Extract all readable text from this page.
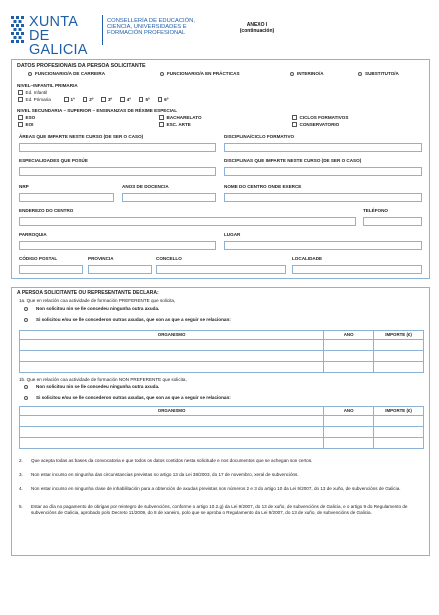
XUNTA
DE GALICIA
CONSELLERÍA DE EDUCACIÓN,
CIENCIA, UNIVERSIDADES E
FORMACIÓN PROFESIONAL
ANEXO I
(continuación)
DATOS PROFESIONAIS DA PERSOA SOLICITANTE
FUNCIONARIO/A DE CARREIRA	FUNCIONARIO/A EN PRÁCTICAS	INTERINO/A	SUBSTITUTO/A
NIVEL–INFANTIL PRIMARIA
Ed. Infantil
Ed. Primaria	1º	2º	3º	4º	5º	6º
NIVEL SECUNDARIA – SUPERIOR – ENSINANZAS DE RÉXIME ESPECIAL
ESO	BACHARELATO	CICLOS FORMATIVOS
EOI	ESC. ARTE	CONSERVATORIO
ÁREAS QUE IMPARTE NESTE CURSO (DE SER O CASO)	DISCIPLINA/CICLO FORMATIVO
ESPECIALIDADES QUE POSÚE	DISCIPLINAS QUE IMPARTE NESTE CURSO (DE SER O CASO)
NRP	ANOS DE DOCENCIA	NOME DO CENTRO ONDE EXERCE
ENDEREZO DO CENTRO	TELÉFONO
PARROQUIA	LUGAR
CÓDIGO POSTAL	PROVINCIA	CONCELLO	LOCALIDADE
A PERSOA SOLICITANTE OU REPRESENTANTE DECLARA:
1a. Que en relación coa actividade de formación PREFERENTE que solicita,
Non solicitou nin se lle concedeu ningunha outra axuda.
Si solicitou e/ou se lle concederon outras axudas, que son as que a seguir se relacionan:
ORGANISMO	ANO	IMPORTE (€)

1b. Que en relación coa actividade de formación NON PREFERENTE que solicita,
Non solicitou nin se lle concedeu ningunha outra axuda.
Si solicitou e/ou se lle concederon outras axudas, que son as que a seguir se relacionan:
ORGANISMO	ANO	IMPORTE (€)

2.	Que acepta todas as bases da convocatoria e que todos os datos contidos nesta solicitude e nos documentos que se achegan son certos.
3.	Non estar incurso en ningunha das circunstancias previstas no artigo 13 da Lei 38/2003, do 17 de novembro, xeral de subvencións.
4.	Non estar incurso en ningunha clase de inhabilitación para a obtención de axudas previstas nos números 2 e 3 do artigo 10 da Lei 9/2007, do 13 de xuño, de subvencións de Galicia.
5.	Estar ao día no pagamento de obrigas por reintegro de subvencións, conforme o artigo 10.2.g) da Lei 9/2007, do 13 de xuño, de subvencións de Galicia, e o artigo 9 do Regulamento de subvencións de Galicia, aprobado polo Decreto 11/2009, do 8 de xaneiro, polo que se aproba o Regulamento da Lei 9/2007, do 13 de xuño, de subvencións de Galicia.
